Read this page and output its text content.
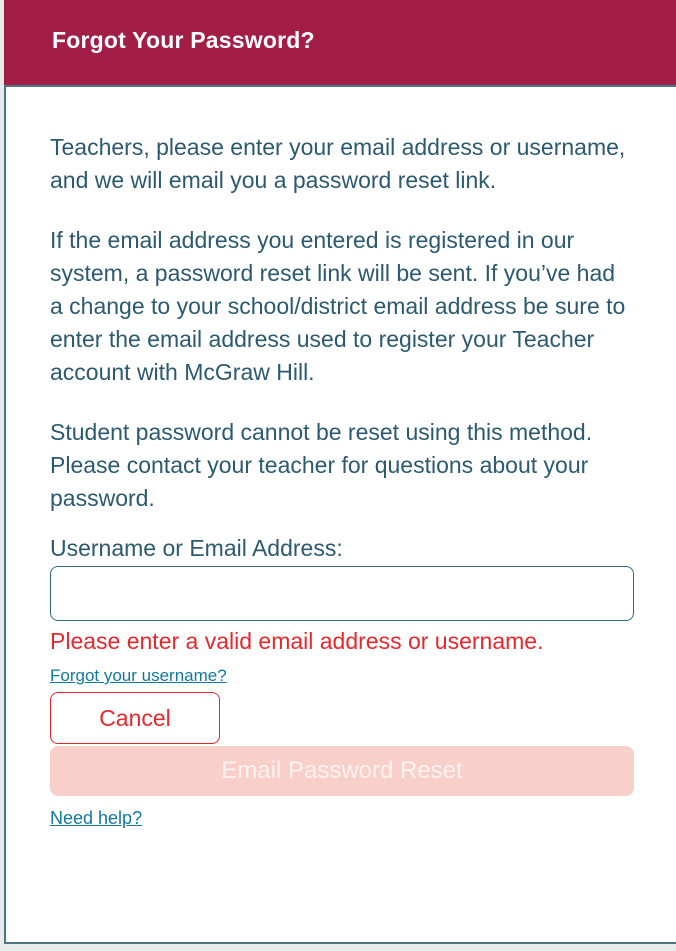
Forgot Your Password?

Teachers, please enter your email address or username, and we will email you a password reset link.

If the email address you entered is registered in our system, a password reset link will be sent. If you’ve had a change to your school/district email address be sure to enter the email address used to register your Teacher account with McGraw Hill.

Student password cannot be reset using this method. Please contact your teacher for questions about your password.

Username or Email Address:
Please enter a valid email address or username.
Forgot your username?
Cancel
Email Password Reset
Need help?
